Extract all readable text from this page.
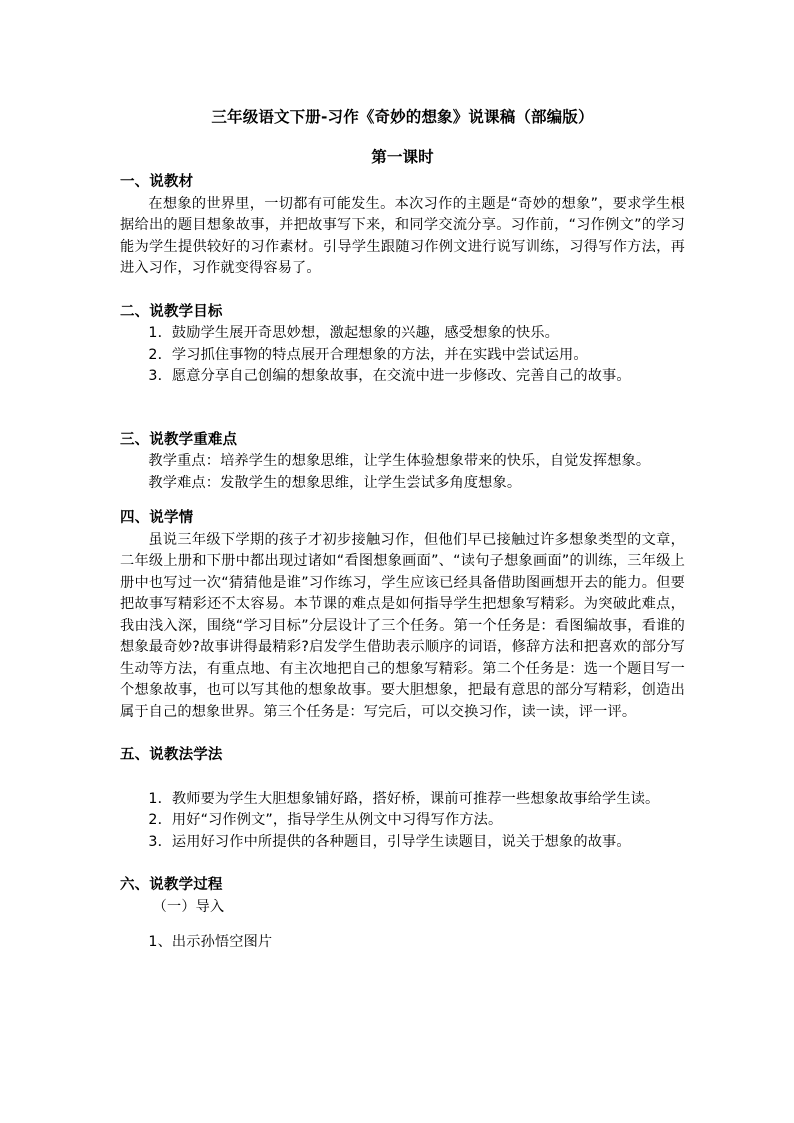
三年级语文下册-习作《奇妙的想象》说课稿（部编版）
第一课时
一、说教材

在想象的世界里，一切都有可能发生。本次习作的主题是“奇妙的想象”，要求学生根据给出的题目想象故事，并把故事写下来，和同学交流分享。习作前，“习作例文”的学习能为学生提供较好的习作素材。引导学生跟随习作例文进行说写训练，习得写作方法，再进入习作，习作就变得容易了。

二、说教学目标

1．鼓励学生展开奇思妙想，激起想象的兴趣，感受想象的快乐。

2．学习抓住事物的特点展开合理想象的方法，并在实践中尝试运用。

3．愿意分享自己创编的想象故事，在交流中进一步修改、完善自己的故事。

三、说教学重难点

教学重点：培养学生的想象思维，让学生体验想象带来的快乐，自觉发挥想象。

教学难点：发散学生的想象思维，让学生尝试多角度想象。

四、说学情

虽说三年级下学期的孩子才初步接触习作，但他们早已接触过许多想象类型的文章，二年级上册和下册中都出现过诸如“看图想象画面”、“读句子想象画面”的训练，三年级上册中也写过一次“猜猜他是谁”习作练习，学生应该已经具备借助图画想开去的能力。但要把故事写精彩还不太容易。本节课的难点是如何指导学生把想象写精彩。为突破此难点，我由浅入深，围绕“学习目标”分层设计了三个任务。第一个任务是：看图编故事，看谁的想象最奇妙?故事讲得最精彩?启发学生借助表示顺序的词语，修辞方法和把喜欢的部分写生动等方法，有重点地、有主次地把自己的想象写精彩。第二个任务是：选一个题目写一个想象故事，也可以写其他的想象故事。要大胆想象，把最有意思的部分写精彩，创造出属于自己的想象世界。第三个任务是：写完后，可以交换习作，读一读，评一评。

五、说教法学法

1．教师要为学生大胆想象铺好路，搭好桥，课前可推荐一些想象故事给学生读。

2．用好“习作例文”，指导学生从例文中习得写作方法。

3．运用好习作中所提供的各种题目，引导学生读题目，说关于想象的故事。

六、说教学过程

（一）导入

1、出示孙悟空图片
